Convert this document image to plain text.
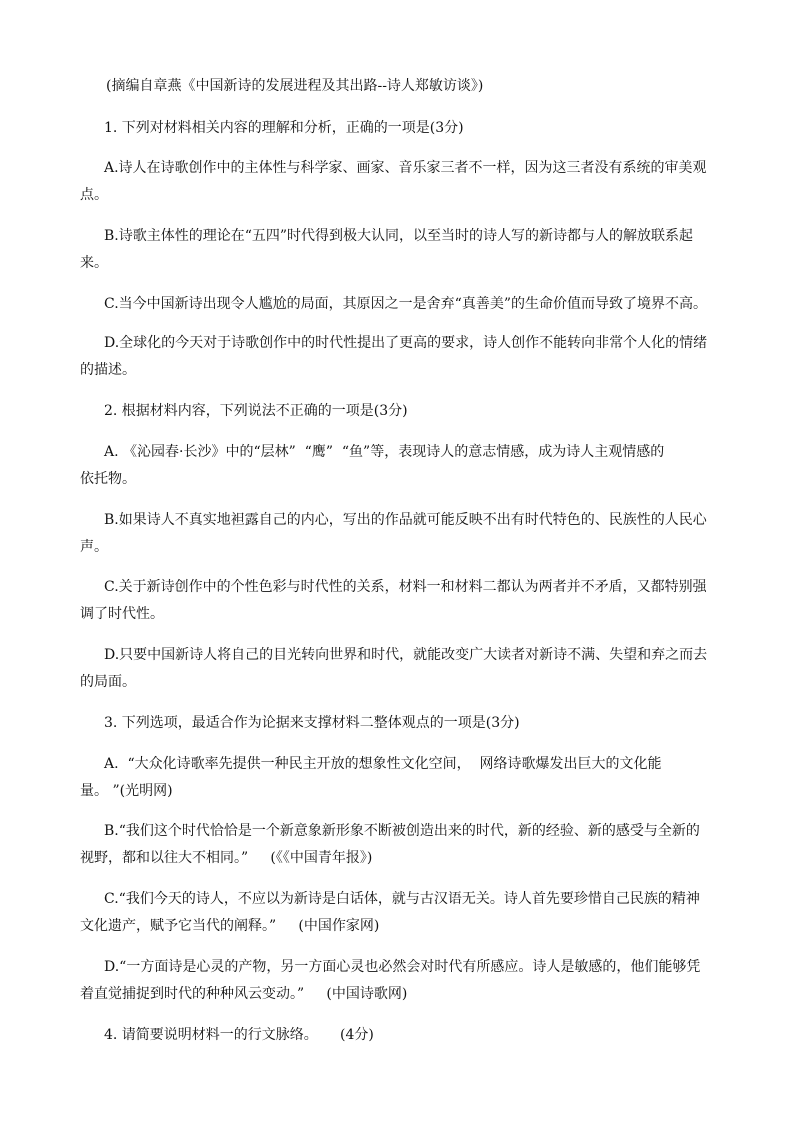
(摘编自章燕《中国新诗的发展进程及其出路--诗人郑敏访谈》)
1. 下列对材料相关内容的理解和分析，正确的一项是(3分)
A.诗人在诗歌创作中的主体性与科学家、画家、音乐家三者不一样，因为这三者没有系统的审美观
点。
B.诗歌主体性的理论在“五四”时代得到极大认同，以至当时的诗人写的新诗都与人的解放联系起
来。
C.当今中国新诗出现令人尴尬的局面，其原因之一是舍弃“真善美”的生命价值而导致了境界不高。
D.全球化的今天对于诗歌创作中的时代性提出了更高的要求，诗人创作不能转向非常个人化的情绪
的描述。
2. 根据材料内容，下列说法不正确的一项是(3分)
A. 《沁园春·长沙》中的“层林”  “鹰”  “鱼”等，表现诗人的意志情感，成为诗人主观情感的
依托物。
B.如果诗人不真实地袒露自己的内心，写出的作品就可能反映不出有时代特色的、民族性的人民心
声。
C.关于新诗创作中的个性色彩与时代性的关系，材料一和材料二都认为两者并不矛盾，又都特别强
调了时代性。
D.只要中国新诗人将自己的目光转向世界和时代，就能改变广大读者对新诗不满、失望和弃之而去
的局面。
3. 下列选项，最适合作为论据来支撑材料二整体观点的一项是(3分)
A.  “大众化诗歌率先提供一种民主开放的想象性文化空间，  网络诗歌爆发出巨大的文化能
量。 ”(光明网)
B.“我们这个时代恰恰是一个新意象新形象不断被创造出来的时代，新的经验、新的感受与全新的
视野，都和以往大不相同。”     (《《中国青年报》)
C.“我们今天的诗人，不应以为新诗是白话体，就与古汉语无关。诗人首先要珍惜自己民族的精神
文化遗产，赋予它当代的阐释。”     (中国作家网)
D.“一方面诗是心灵的产物，另一方面心灵也必然会对时代有所感应。诗人是敏感的，他们能够凭
着直觉捕捉到时代的种种风云变动。”     (中国诗歌网)
4. 请简要说明材料一的行文脉络。     (4分)
